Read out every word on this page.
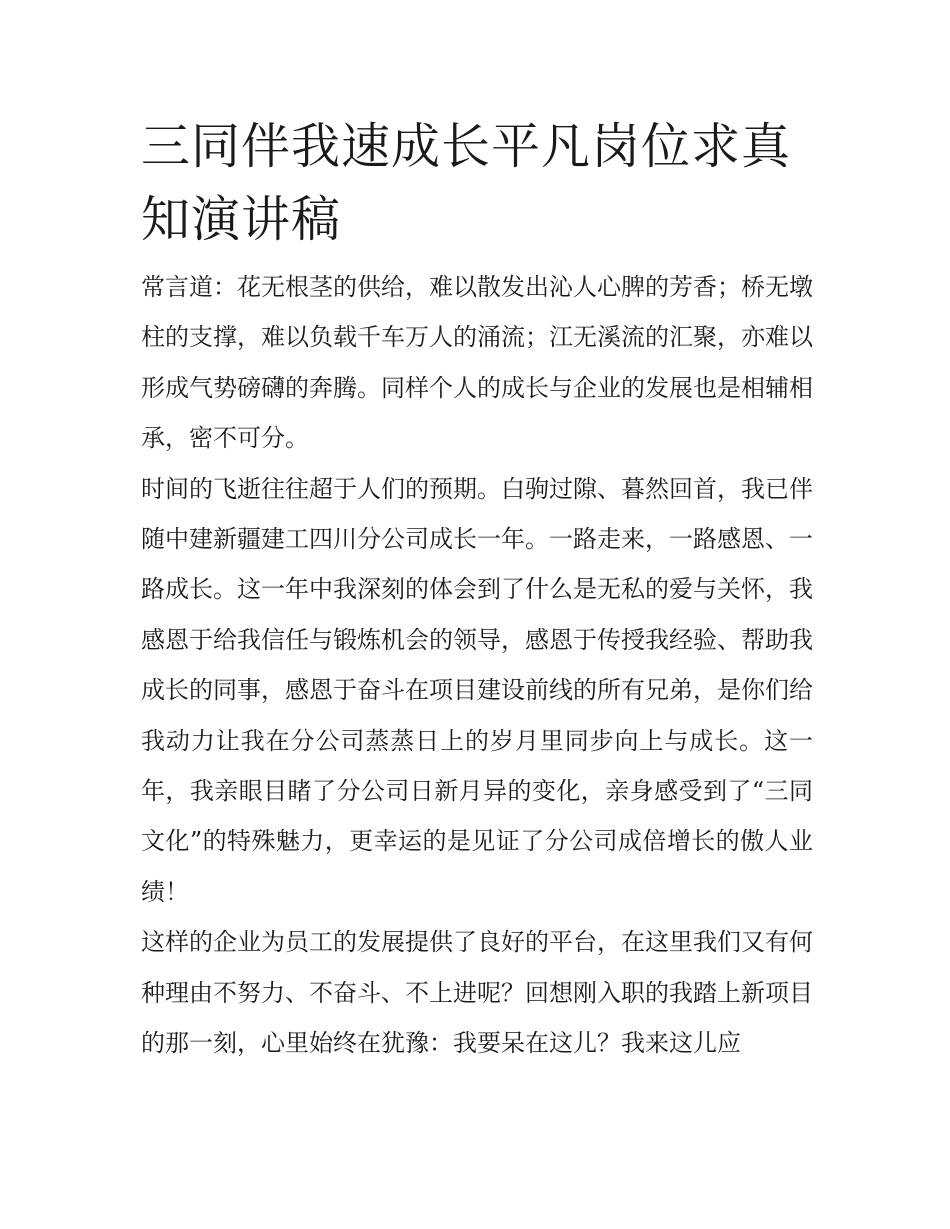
三同伴我速成长平凡岗位求真知演讲稿

常言道：花无根茎的供给，难以散发出沁人心脾的芳香；桥无墩柱的支撑，难以负载千车万人的涌流；江无溪流的汇聚，亦难以形成气势磅礴的奔腾。同样个人的成长与企业的发展也是相辅相承，密不可分。

时间的飞逝往往超于人们的预期。白驹过隙、暮然回首，我已伴随中建新疆建工四川分公司成长一年。一路走来，一路感恩、一路成长。这一年中我深刻的体会到了什么是无私的爱与关怀，我感恩于给我信任与锻炼机会的领导，感恩于传授我经验、帮助我成长的同事，感恩于奋斗在项目建设前线的所有兄弟，是你们给我动力让我在分公司蒸蒸日上的岁月里同步向上与成长。这一年，我亲眼目睹了分公司日新月异的变化，亲身感受到了“三同文化”的特殊魅力，更幸运的是见证了分公司成倍增长的傲人业绩！

这样的企业为员工的发展提供了良好的平台，在这里我们又有何种理由不努力、不奋斗、不上进呢？回想刚入职的我踏上新项目的那一刻，心里始终在犹豫：我要呆在这儿？我来这儿应
